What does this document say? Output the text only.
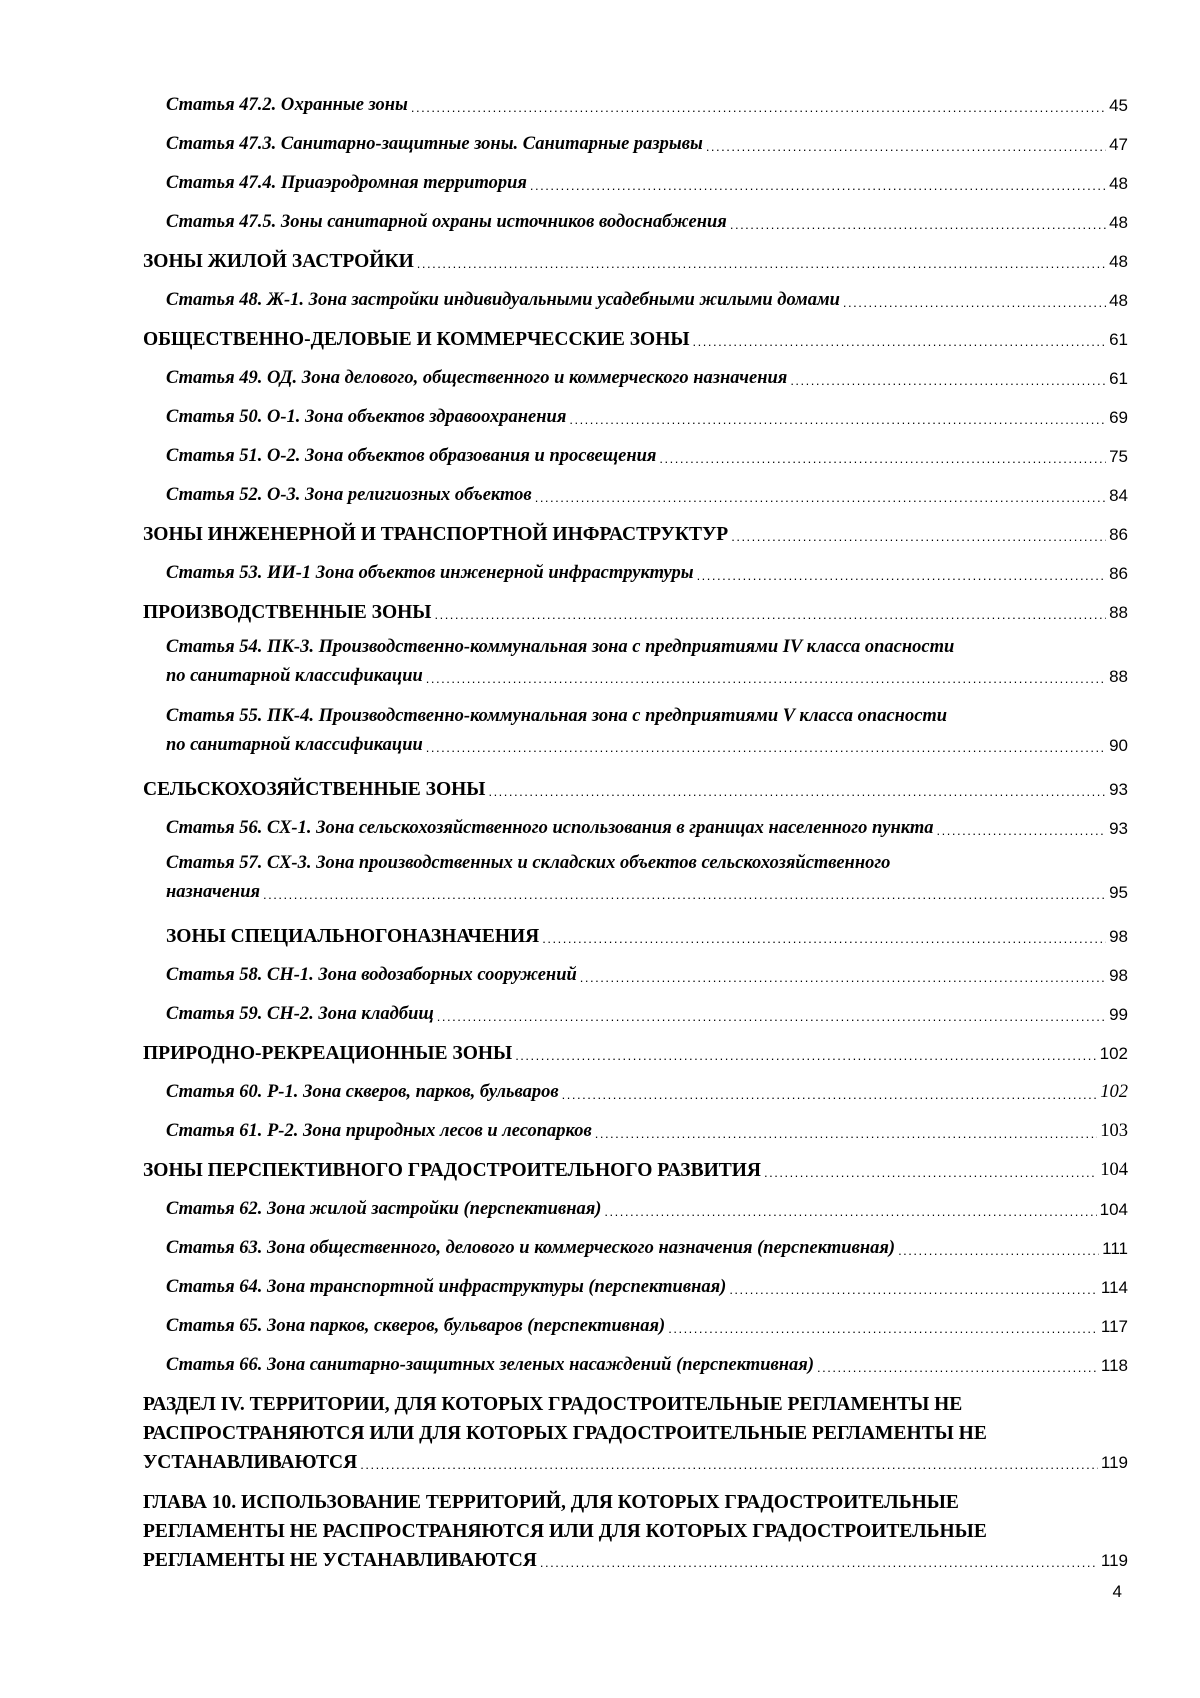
Статья 47.2. Охранные зоны .....	45
Статья 47.3. Санитарно-защитные зоны. Санитарные разрывы .....	47
Статья 47.4. Приаэродромная территория .....	48
Статья 47.5. Зоны санитарной охраны источников водоснабжения .....	48
ЗОНЫ ЖИЛОЙ ЗАСТРОЙКИ .....	48
Статья 48. Ж-1. Зона застройки индивидуальными усадебными жилыми домами .....	48
ОБЩЕСТВЕННО-ДЕЛОВЫЕ И КОММЕРЧЕССКИЕ ЗОНЫ .....	61
Статья 49. ОД. Зона делового, общественного и коммерческого назначения .....	61
Статья 50. О-1. Зона объектов здравоохранения .....	69
Статья 51. О-2. Зона объектов образования и просвещения .....	75
Статья 52. О-3. Зона религиозных объектов .....	84
ЗОНЫ ИНЖЕНЕРНОЙ И ТРАНСПОРТНОЙ ИНФРАСТРУКТУР .....	86
Статья 53. ИИ-1 Зона объектов инженерной инфраструктуры .....	86
ПРОИЗВОДСТВЕННЫЕ ЗОНЫ .....	88
Статья 54. ПК-3. Производственно-коммунальная зона с предприятиями IV класса опасности
по санитарной классификации .....	88
Статья 55. ПК-4. Производственно-коммунальная зона с предприятиями V класса опасности
по санитарной классификации .....	90
СЕЛЬСКОХОЗЯЙСТВЕННЫЕ ЗОНЫ .....	93
Статья 56. СХ-1. Зона сельскохозяйственного использования в границах населенного пункта .....	93
Статья 57. СХ-3. Зона производственных и складских объектов сельскохозяйственного
назначения .....	95
ЗОНЫ СПЕЦИАЛЬНОГОНАЗНАЧЕНИЯ .....	98
Статья 58. СН-1. Зона водозаборных сооружений .....	98
Статья 59. СН-2. Зона кладбищ .....	99
ПРИРОДНО-РЕКРЕАЦИОННЫЕ ЗОНЫ .....	102
Статья 60. Р-1. Зона скверов, парков, бульваров .....	102
Статья 61. Р-2. Зона природных лесов и лесопарков .....	103
ЗОНЫ ПЕРСПЕКТИВНОГО ГРАДОСТРОИТЕЛЬНОГО РАЗВИТИЯ .....	104
Статья 62. Зона жилой застройки (перспективная) .....	104
Статья 63. Зона общественного, делового и коммерческого назначения (перспективная) .....	111
Статья 64. Зона транспортной инфраструктуры (перспективная) .....	114
Статья 65. Зона парков, скверов, бульваров (перспективная) .....	117
Статья 66. Зона санитарно-защитных зеленых насаждений (перспективная) .....	118
РАЗДЕЛ IV. ТЕРРИТОРИИ, ДЛЯ КОТОРЫХ ГРАДОСТРОИТЕЛЬНЫЕ РЕГЛАМЕНТЫ НЕ
РАСПРОСТРАНЯЮТСЯ ИЛИ ДЛЯ КОТОРЫХ ГРАДОСТРОИТЕЛЬНЫЕ РЕГЛАМЕНТЫ НЕ
УСТАНАВЛИВАЮТСЯ .....	119
ГЛАВА 10. ИСПОЛЬЗОВАНИЕ ТЕРРИТОРИЙ, ДЛЯ КОТОРЫХ ГРАДОСТРОИТЕЛЬНЫЕ
РЕГЛАМЕНТЫ НЕ РАСПРОСТРАНЯЮТСЯ ИЛИ ДЛЯ КОТОРЫХ ГРАДОСТРОИТЕЛЬНЫЕ
РЕГЛАМЕНТЫ НЕ УСТАНАВЛИВАЮТСЯ .....	119
4
